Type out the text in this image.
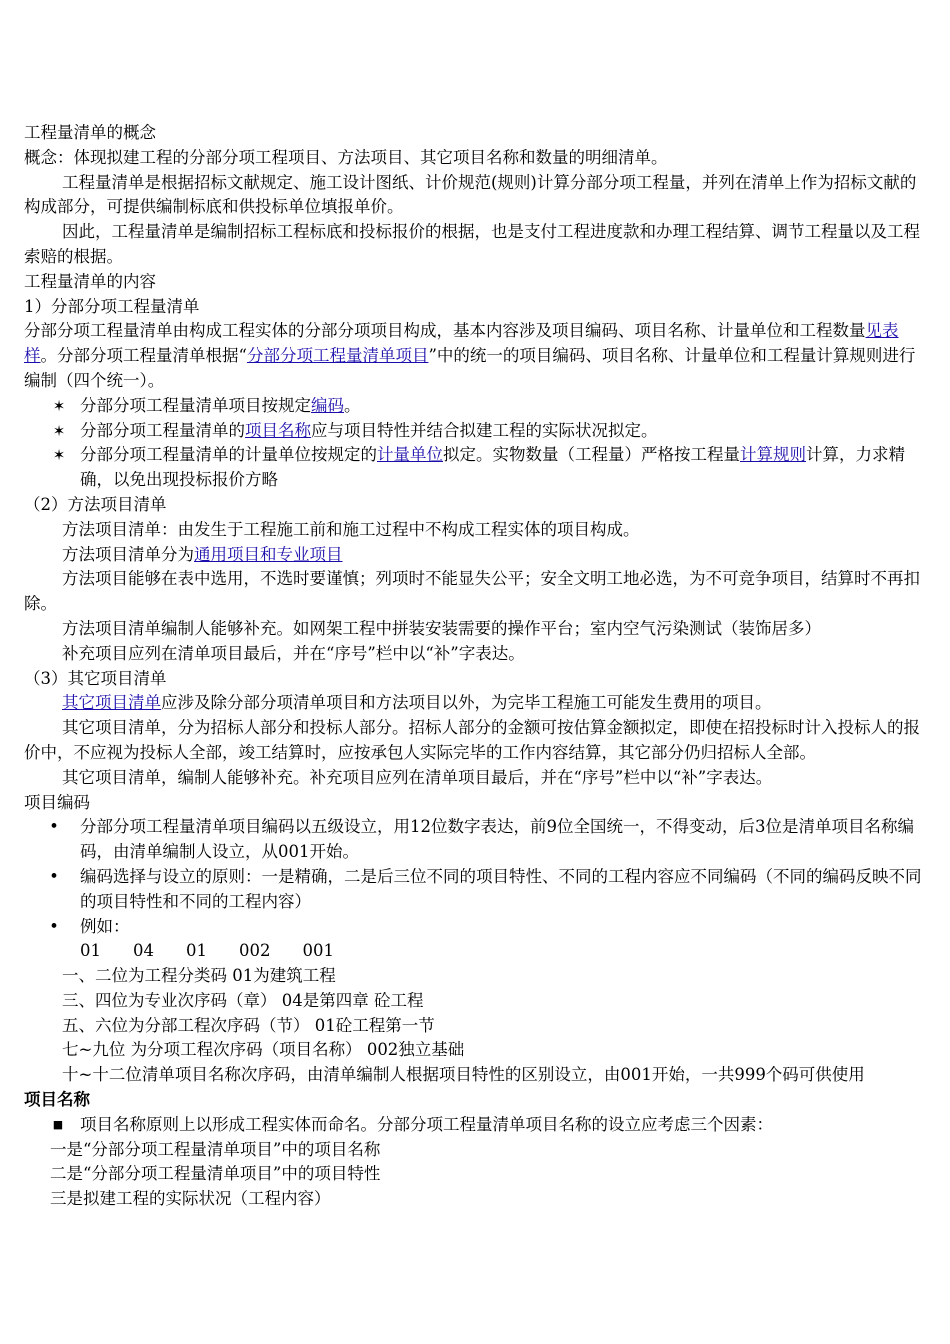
工程量清单的概念

概念：体现拟建工程的分部分项工程项目、方法项目、其它项目名称和数量的明细清单。

工程量清单是根据招标文献规定、施工设计图纸、计价规范(规则)计算分部分项工程量，并列在清单上作为招标文献的构成部分，可提供编制标底和供投标单位填报单价。

因此，工程量清单是编制招标工程标底和投标报价的根据，也是支付工程进度款和办理工程结算、调节工程量以及工程索赔的根据。

工程量清单的内容

1）分部分项工程量清单

分部分项工程量清单由构成工程实体的分部分项项目构成，基本内容涉及项目编码、项目名称、计量单位和工程数量见表样。分部分项工程量清单根据“分部分项工程量清单项目”中的统一的项目编码、项目名称、计量单位和工程量计算规则进行编制（四个统一）。

✶ 分部分项工程量清单项目按规定编码。
✶ 分部分项工程量清单的项目名称应与项目特性并结合拟建工程的实际状况拟定。
✶ 分部分项工程量清单的计量单位按规定的计量单位拟定。实物数量（工程量）严格按工程量计算规则计算，力求精确，以免出现投标报价方略

（2）方法项目清单

方法项目清单：由发生于工程施工前和施工过程中不构成工程实体的项目构成。

方法项目清单分为通用项目和专业项目

方法项目能够在表中选用，不选时要谨慎；列项时不能显失公平；安全文明工地必选，为不可竞争项目，结算时不再扣除。

方法项目清单编制人能够补充。如网架工程中拼装安装需要的操作平台；室内空气污染测试（装饰居多）

补充项目应列在清单项目最后，并在“序号”栏中以“补”字表达。

（3）其它项目清单

其它项目清单应涉及除分部分项清单项目和方法项目以外，为完毕工程施工可能发生费用的项目。

其它项目清单，分为招标人部分和投标人部分。招标人部分的金额可按估算金额拟定，即使在招投标时计入投标人的报价中，不应视为投标人全部，竣工结算时，应按承包人实际完毕的工作内容结算，其它部分仍归招标人全部。

其它项目清单，编制人能够补充。补充项目应列在清单项目最后，并在“序号”栏中以“补”字表达。

项目编码

•	分部分项工程量清单项目编码以五级设立，用12位数字表达，前9位全国统一，不得变动，后3位是清单项目名称编码，由清单编制人设立，从001开始。
•	编码选择与设立的原则：一是精确，二是后三位不同的项目特性、不同的工程内容应不同编码（不同的编码反映不同的项目特性和不同的工程内容）
•	例如：

01 04 01 002 001

一、二位为工程分类码 01为建筑工程

三、四位为专业次序码（章） 04是第四章 砼工程

五、六位为分部工程次序码（节） 01砼工程第一节

七~九位 为分项工程次序码（项目名称） 002独立基础

十~十二位清单项目名称次序码，由清单编制人根据项目特性的区别设立，由001开始，一共999个码可供使用

项目名称

■	项目名称原则上以形成工程实体而命名。分部分项工程量清单项目名称的设立应考虑三个因素：

一是“分部分项工程量清单项目”中的项目名称

二是“分部分项工程量清单项目”中的项目特性

三是拟建工程的实际状况（工程内容）
